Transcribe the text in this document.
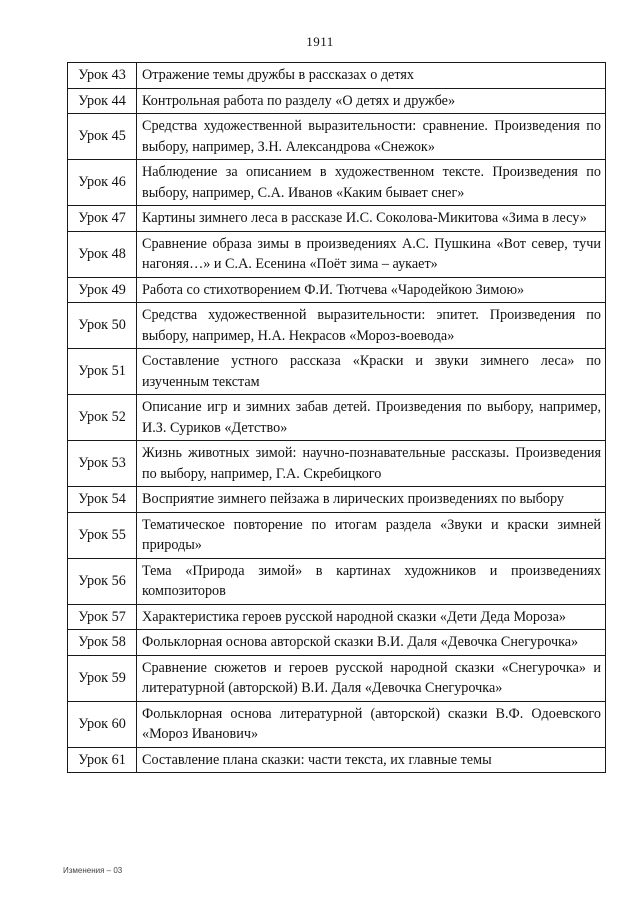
1911
Урок 43	Отражение темы дружбы в рассказах о детях
Урок 44	Контрольная работа по разделу «О детях и дружбе»
Урок 45	Средства художественной выразительности: сравнение. Произведения по выбору, например, З.Н. Александрова «Снежок»
Урок 46	Наблюдение за описанием в художественном тексте. Произведения по выбору, например, С.А. Иванов «Каким бывает снег»
Урок 47	Картины зимнего леса в рассказе И.С. Соколова-Микитова «Зима в лесу»
Урок 48	Сравнение образа зимы в произведениях А.С. Пушкина «Вот север, тучи нагоняя…» и С.А. Есенина «Поёт зима – аукает»
Урок 49	Работа со стихотворением Ф.И. Тютчева «Чародейкою Зимою»
Урок 50	Средства художественной выразительности: эпитет. Произведения по выбору, например, Н.А. Некрасов «Мороз-воевода»
Урок 51	Составление устного рассказа «Краски и звуки зимнего леса» по изученным текстам
Урок 52	Описание игр и зимних забав детей. Произведения по выбору, например, И.З. Суриков «Детство»
Урок 53	Жизнь животных зимой: научно-познавательные рассказы. Произведения по выбору, например, Г.А. Скребицкого
Урок 54	Восприятие зимнего пейзажа в лирических произведениях по выбору
Урок 55	Тематическое повторение по итогам раздела «Звуки и краски зимней природы»
Урок 56	Тема «Природа зимой» в картинах художников и произведениях композиторов
Урок 57	Характеристика героев русской народной сказки «Дети Деда Мороза»
Урок 58	Фольклорная основа авторской сказки В.И. Даля «Девочка Снегурочка»
Урок 59	Сравнение сюжетов и героев русской народной сказки «Снегурочка» и литературной (авторской) В.И. Даля «Девочка Снегурочка»
Урок 60	Фольклорная основа литературной (авторской) сказки В.Ф. Одоевского «Мороз Иванович»
Урок 61	Составление плана сказки: части текста, их главные темы
Изменения – 03
